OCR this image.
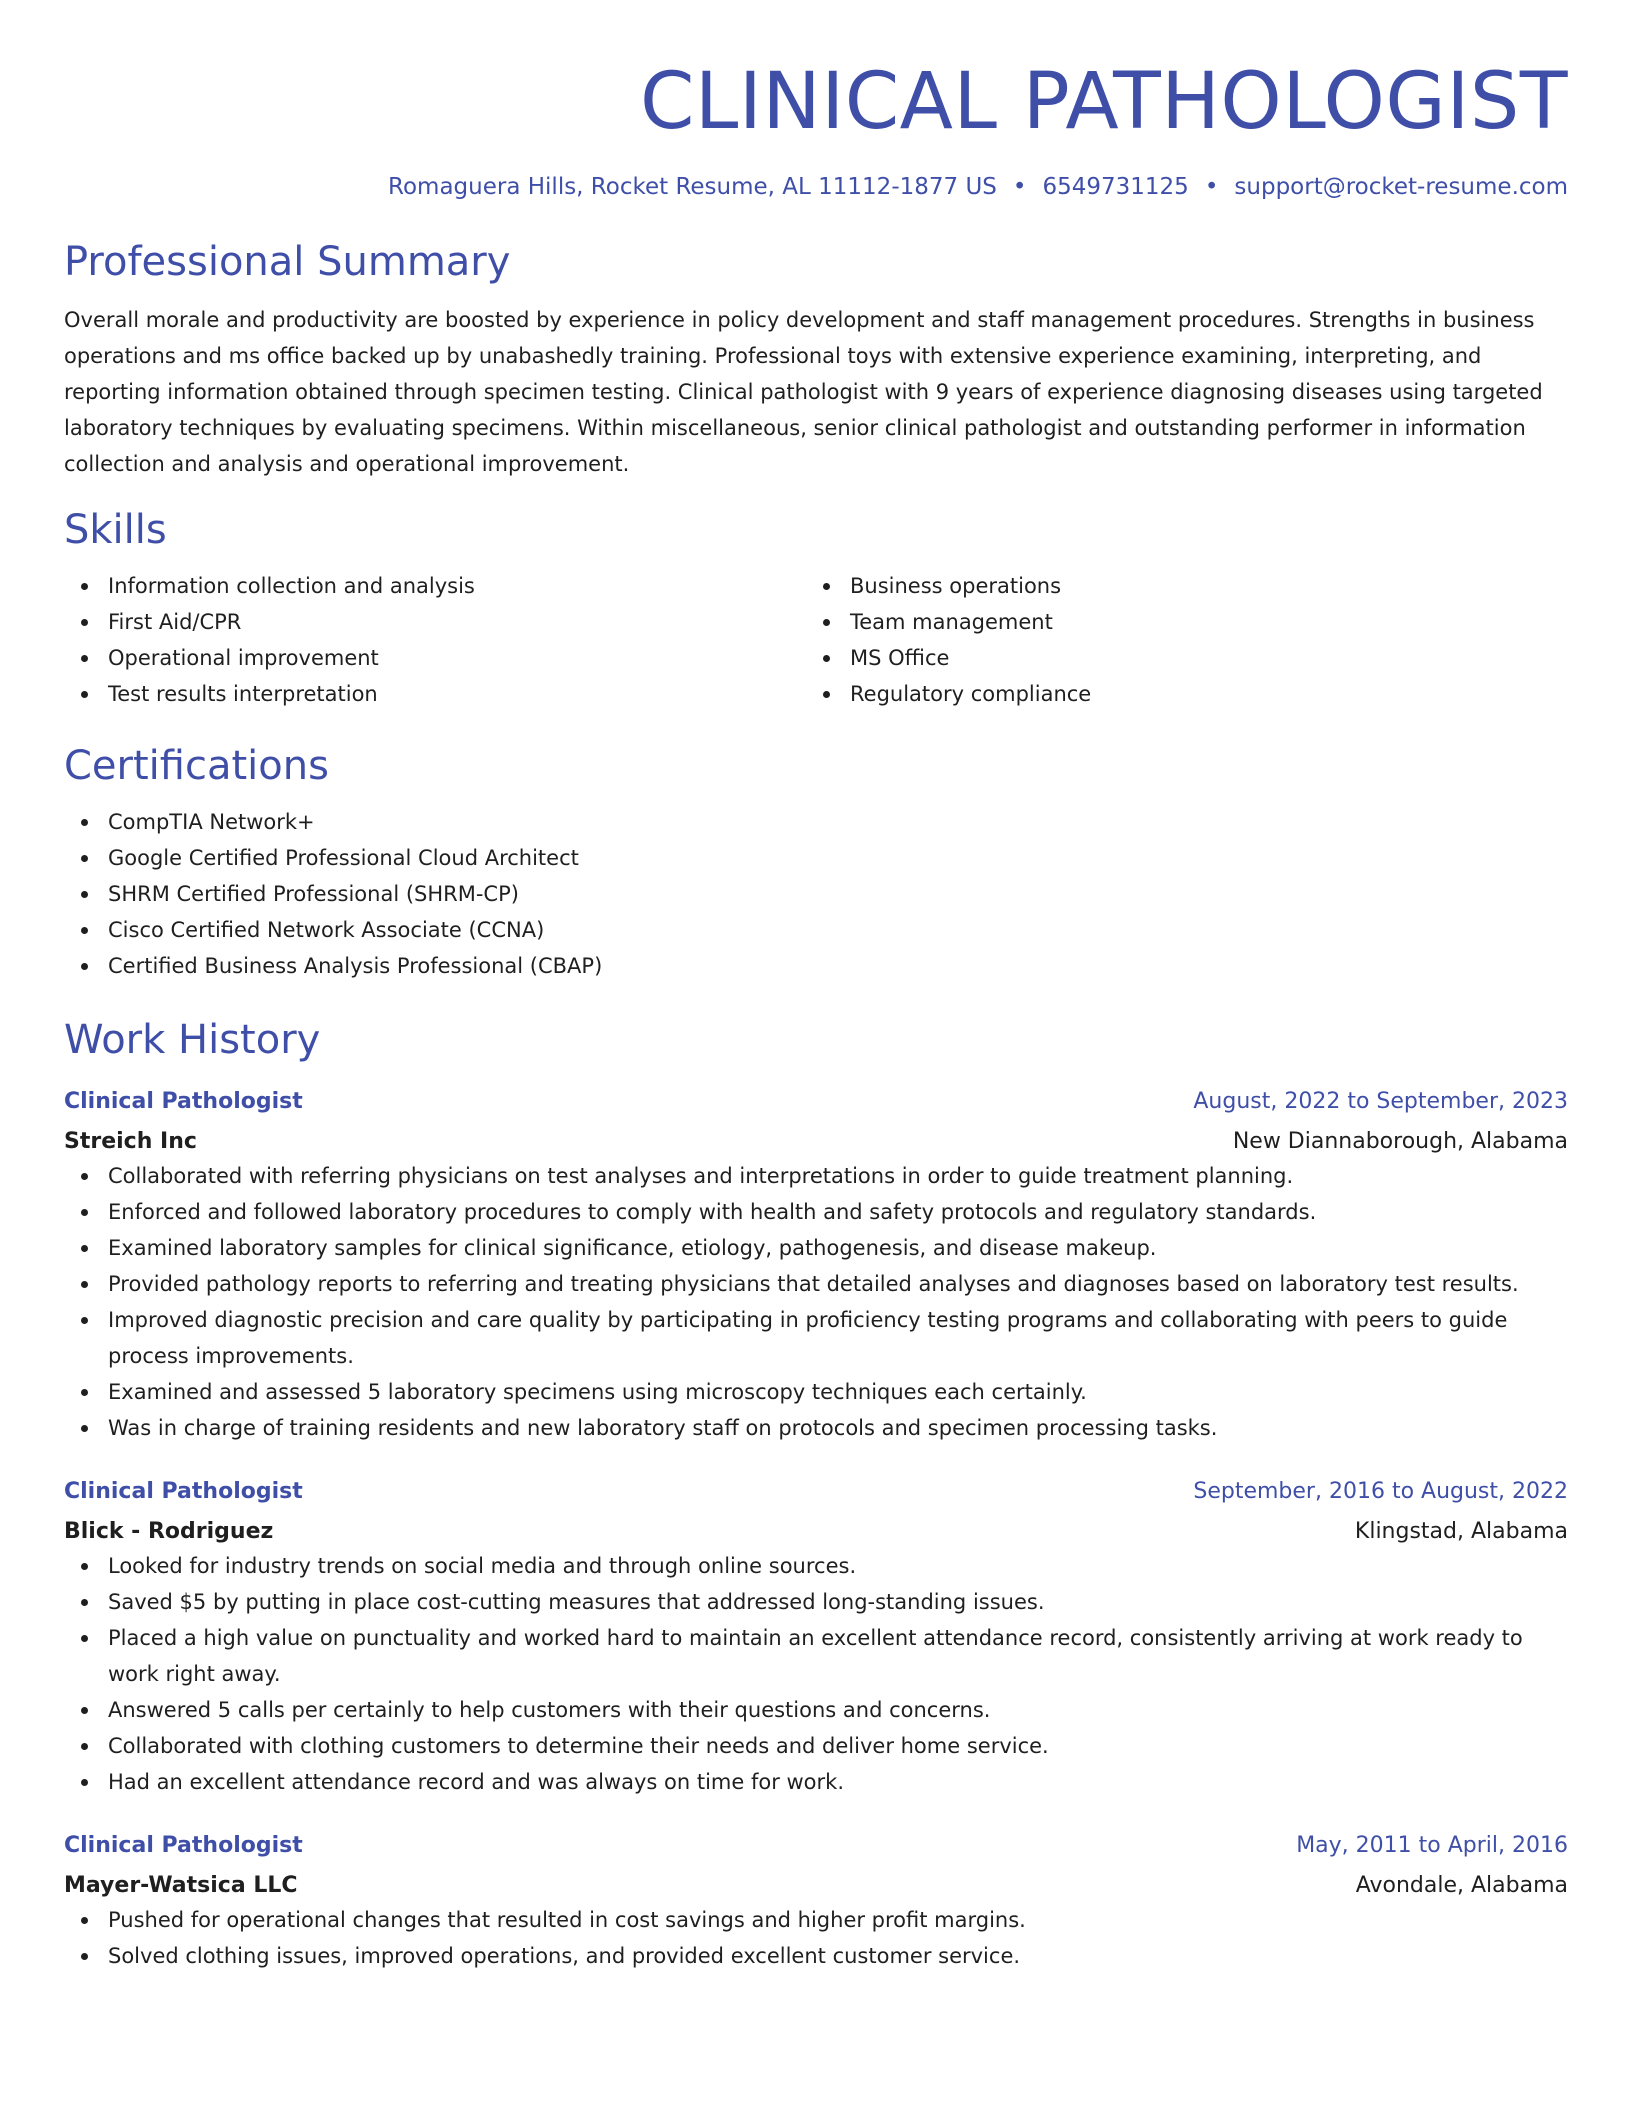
CLINICAL PATHOLOGIST
Romaguera Hills, Rocket Resume, AL 11112-1877 US • 6549731125 • support@rocket-resume.com
Professional Summary

Overall morale and productivity are boosted by experience in policy development and staff management procedures. Strengths in business operations and ms office backed up by unabashedly training. Professional toys with extensive experience examining, interpreting, and reporting information obtained through specimen testing. Clinical pathologist with 9 years of experience diagnosing diseases using targeted laboratory techniques by evaluating specimens. Within miscellaneous, senior clinical pathologist and outstanding performer in information collection and analysis and operational improvement.

Skills
Information collection and analysis
First Aid/CPR
Operational improvement
Test results interpretation
Business operations
Team management
MS Office
Regulatory compliance
Certifications
CompTIA Network+
Google Certified Professional Cloud Architect
SHRM Certified Professional (SHRM-CP)
Cisco Certified Network Associate (CCNA)
Certified Business Analysis Professional (CBAP)
Work History
Clinical Pathologist	August, 2022 to September, 2023
Streich Inc	New Diannaborough, Alabama
Collaborated with referring physicians on test analyses and interpretations in order to guide treatment planning.
Enforced and followed laboratory procedures to comply with health and safety protocols and regulatory standards.
Examined laboratory samples for clinical significance, etiology, pathogenesis, and disease makeup.
Provided pathology reports to referring and treating physicians that detailed analyses and diagnoses based on laboratory test results.
Improved diagnostic precision and care quality by participating in proficiency testing programs and collaborating with peers to guide process improvements.
Examined and assessed 5 laboratory specimens using microscopy techniques each certainly.
Was in charge of training residents and new laboratory staff on protocols and specimen processing tasks.
Clinical Pathologist	September, 2016 to August, 2022
Blick - Rodriguez	Klingstad, Alabama
Looked for industry trends on social media and through online sources.
Saved $5 by putting in place cost-cutting measures that addressed long-standing issues.
Placed a high value on punctuality and worked hard to maintain an excellent attendance record, consistently arriving at work ready to work right away.
Answered 5 calls per certainly to help customers with their questions and concerns.
Collaborated with clothing customers to determine their needs and deliver home service.
Had an excellent attendance record and was always on time for work.
Clinical Pathologist	May, 2011 to April, 2016
Mayer-Watsica LLC	Avondale, Alabama
Pushed for operational changes that resulted in cost savings and higher profit margins.
Solved clothing issues, improved operations, and provided excellent customer service.
